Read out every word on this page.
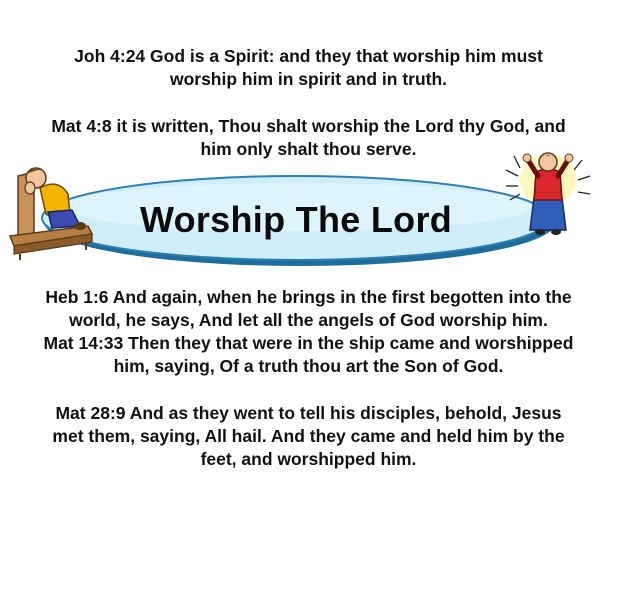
Joh 4:24 God is a Spirit: and they that worship him must
worship him in spirit and in truth.

Mat 4:8 it is written, Thou shalt worship the Lord thy God, and
him only shalt thou serve.

Worship The Lord

Heb 1:6 And again, when he brings in the first begotten into the
world, he says, And let all the angels of God worship him.
Mat 14:33 Then they that were in the ship came and worshipped
him, saying, Of a truth thou art the Son of God.

Mat 28:9 And as they went to tell his disciples, behold, Jesus
met them, saying, All hail. And they came and held him by the
feet, and worshipped him.
